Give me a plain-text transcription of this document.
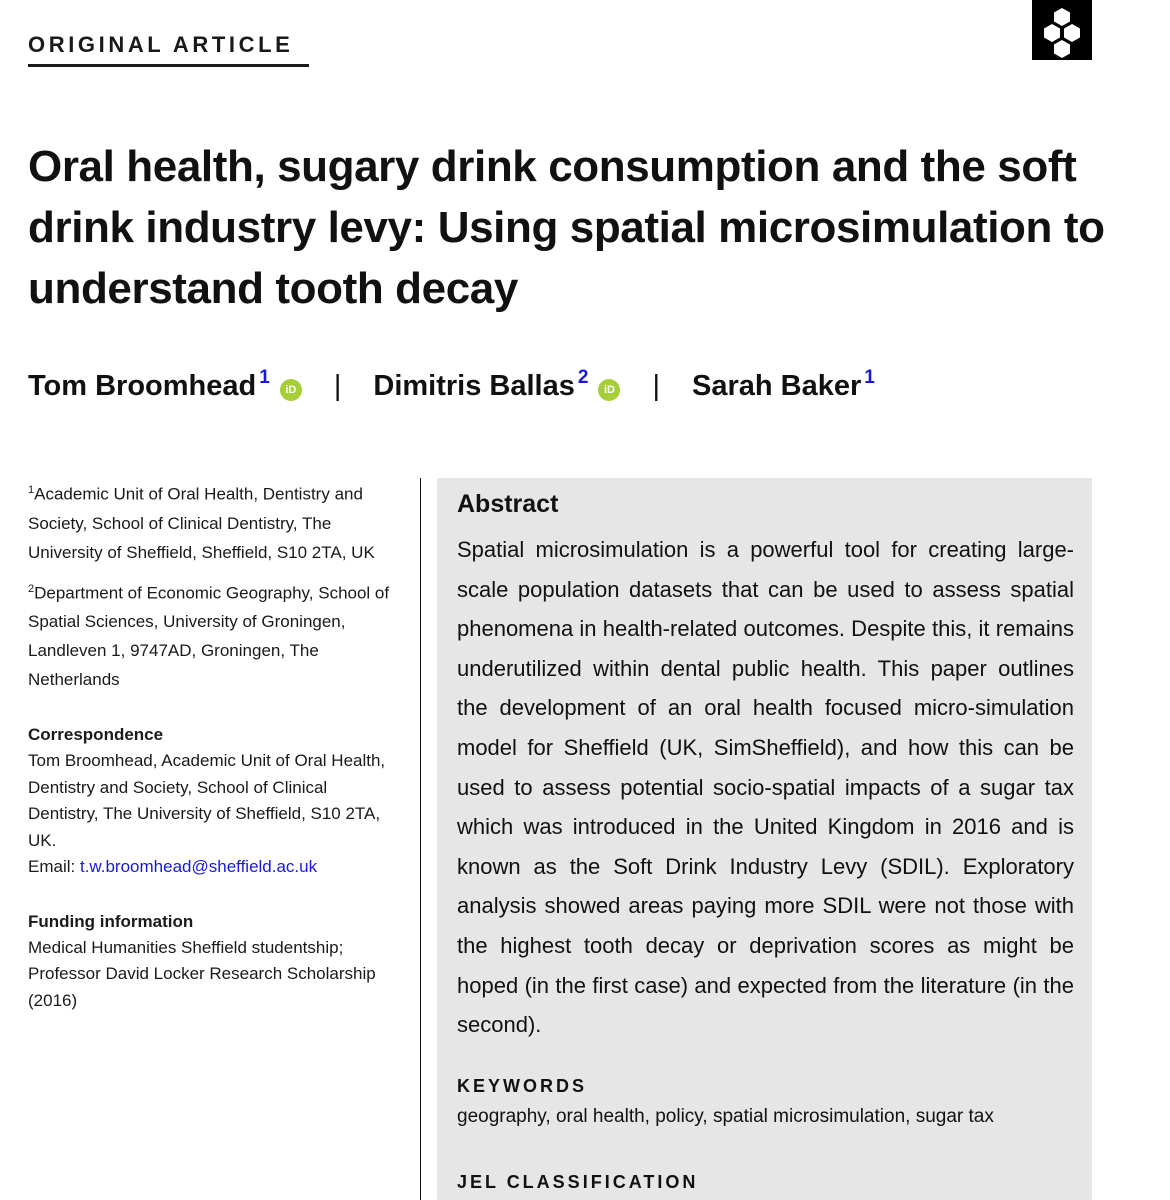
ORIGINAL ARTICLE
Oral health, sugary drink consumption and the soft drink industry levy: Using spatial microsimulation to understand tooth decay
Tom Broomhead$^1$
iD | Dimitris Ballas$^2$
iD | Sarah Baker$^1$

$^1$Academic Unit of Oral Health, Dentistry and Society, School of Clinical Dentistry, The University of Sheffield, Sheffield, S10 2TA, UK

$^2$Department of Economic Geography, School of Spatial Sciences, University of Groningen, Landleven 1, 9747AD, Groningen, The Netherlands

Correspondence
Tom Broomhead, Academic Unit of Oral Health, Dentistry and Society, School of Clinical Dentistry, The University of Sheffield, S10 2TA, UK.
Email: t.w.broomhead@sheffield.ac.uk
Funding information
Medical Humanities Sheffield studentship; Professor David Locker Research Scholarship (2016)
Abstract

Spatial microsimulation is a powerful tool for creating large-scale population datasets that can be used to assess spatial phenomena in health-related outcomes. Despite this, it remains underutilized within dental public health. This paper outlines the development of an oral health focused micro-simulation model for Sheffield (UK, SimSheffield), and how this can be used to assess potential socio-spatial impacts of a sugar tax which was introduced in the United Kingdom in 2016 and is known as the Soft Drink Industry Levy (SDIL). Exploratory analysis showed areas paying more SDIL were not those with the highest tooth decay or deprivation scores as might be hoped (in the first case) and expected from the literature (in the second).

KEYWORDS
geography, oral health, policy, spatial microsimulation, sugar tax
JEL CLASSIFICATION
